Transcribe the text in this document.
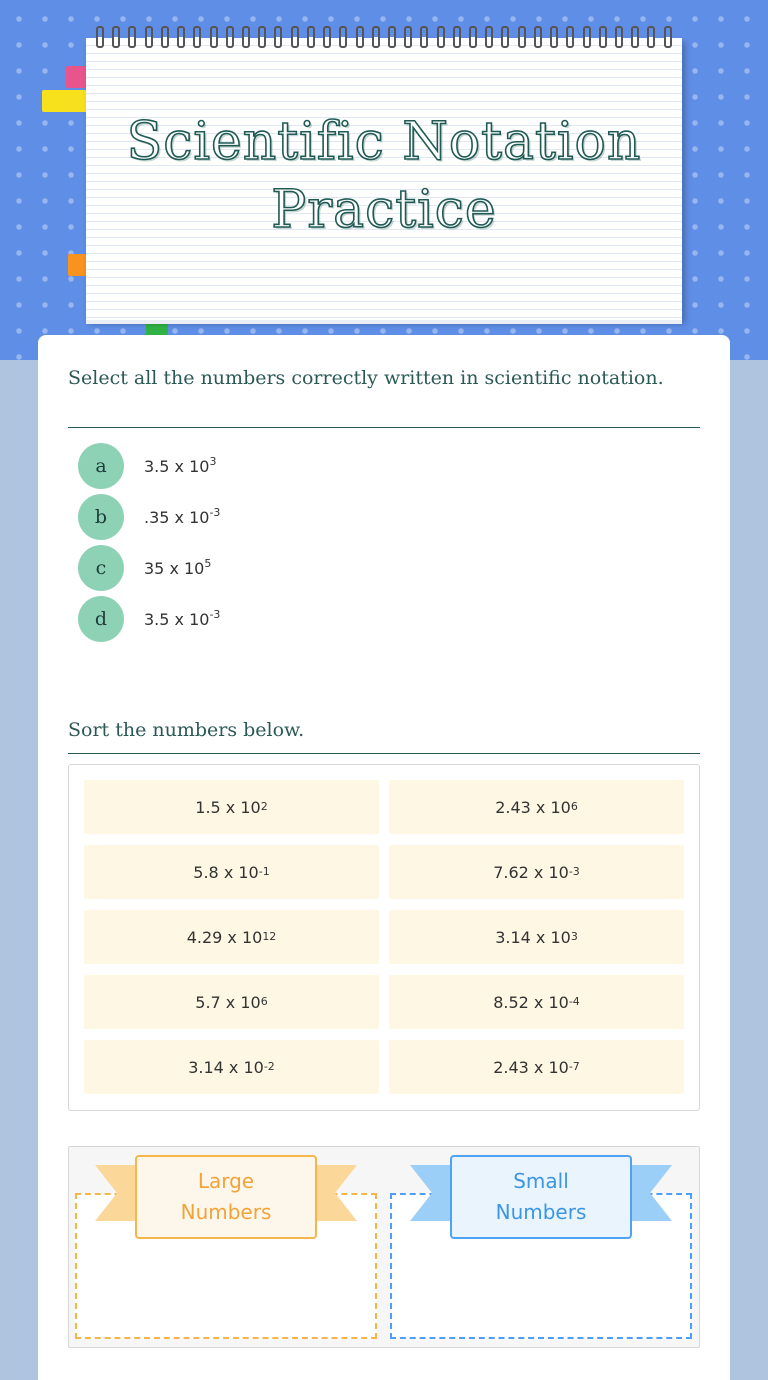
Scientific Notation
Practice

Select all the numbers correctly written in scientific notation.

a	3.5 x $10^3$
b	.35 x $10^{-3}$
c	35 x $10^5$
d	3.5 x $10^{-3}$

Sort the numbers below.

1.5 x 10 2	2.43 x 10 6
5.8 x 10 -1	7.62 x 10 -3
4.29 x 10 12	3.14 x 10 3
5.7 x 10 6	8.52 x 10 -4
3.14 x 10 -2	2.43 x 10 -7
Large
Numbers
Small
Numbers
